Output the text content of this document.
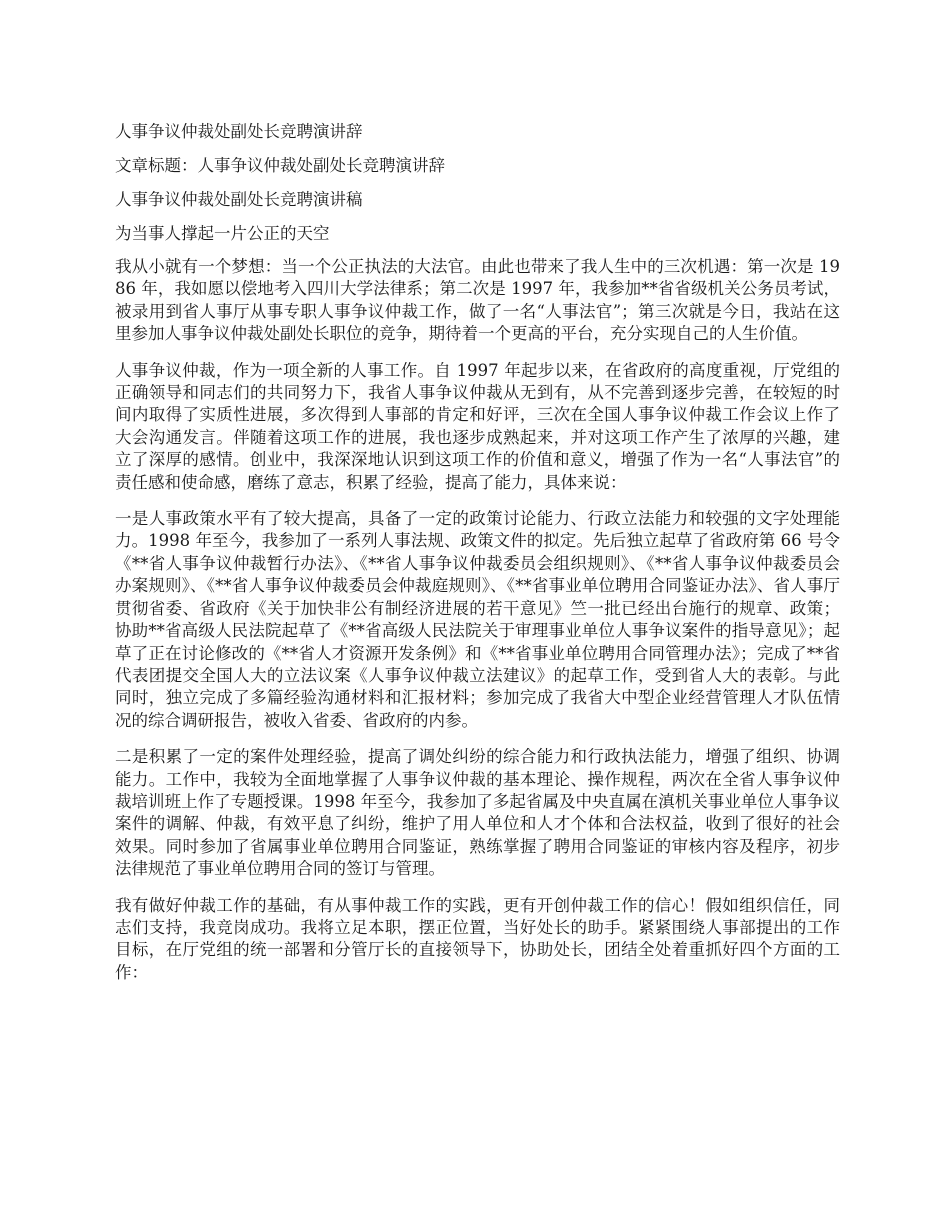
人事争议仲裁处副处长竞聘演讲辞
文章标题：人事争议仲裁处副处长竞聘演讲辞
人事争议仲裁处副处长竞聘演讲稿
为当事人撑起一片公正的天空

我从小就有一个梦想：当一个公正执法的大法官。由此也带来了我人生中的三次机遇：第一次是 1986 年，我如愿以偿地考入四川大学法律系；第二次是 1997 年，我参加**省省级机关公务员考试，被录用到省人事厅从事专职人事争议仲裁工作，做了一名“人事法官”；第三次就是今日，我站在这里参加人事争议仲裁处副处长职位的竞争，期待着一个更高的平台，充分实现自己的人生价值。

人事争议仲裁，作为一项全新的人事工作。自 1997 年起步以来，在省政府的高度重视，厅党组的正确领导和同志们的共同努力下，我省人事争议仲裁从无到有，从不完善到逐步完善，在较短的时间内取得了实质性进展，多次得到人事部的肯定和好评，三次在全国人事争议仲裁工作会议上作了大会沟通发言。伴随着这项工作的进展，我也逐步成熟起来，并对这项工作产生了浓厚的兴趣，建立了深厚的感情。创业中，我深深地认识到这项工作的价值和意义，增强了作为一名“人事法官”的责任感和使命感，磨练了意志，积累了经验，提高了能力，具体来说：

一是人事政策水平有了较大提高，具备了一定的政策讨论能力、行政立法能力和较强的文字处理能力。1998 年至今，我参加了一系列人事法规、政策文件的拟定。先后独立起草了省政府第 66 号令《**省人事争议仲裁暂行办法》、《**省人事争议仲裁委员会组织规则》、《**省人事争议仲裁委员会办案规则》、《**省人事争议仲裁委员会仲裁庭规则》、《**省事业单位聘用合同鉴证办法》、省人事厅贯彻省委、省政府《关于加快非公有制经济进展的若干意见》竺一批已经出台施行的规章、政策；协助**省高级人民法院起草了《**省高级人民法院关于审理事业单位人事争议案件的指导意见》；起草了正在讨论修改的《**省人才资源开发条例》和《**省事业单位聘用合同管理办法》；完成了**省代表团提交全国人大的立法议案《人事争议仲裁立法建议》的起草工作，受到省人大的表彰。与此同时，独立完成了多篇经验沟通材料和汇报材料；参加完成了我省大中型企业经营管理人才队伍情况的综合调研报告，被收入省委、省政府的内参。

二是积累了一定的案件处理经验，提高了调处纠纷的综合能力和行政执法能力，增强了组织、协调能力。工作中，我较为全面地掌握了人事争议仲裁的基本理论、操作规程，两次在全省人事争议仲裁培训班上作了专题授课。1998 年至今，我参加了多起省属及中央直属在滇机关事业单位人事争议案件的调解、仲裁，有效平息了纠纷，维护了用人单位和人才个体和合法权益，收到了很好的社会效果。同时参加了省属事业单位聘用合同鉴证，熟练掌握了聘用合同鉴证的审核内容及程序，初步法律规范了事业单位聘用合同的签订与管理。

我有做好仲裁工作的基础，有从事仲裁工作的实践，更有开创仲裁工作的信心！假如组织信任，同志们支持，我竞岗成功。我将立足本职，摆正位置，当好处长的助手。紧紧围绕人事部提出的工作目标，在厅党组的统一部署和分管厅长的直接领导下，协助处长，团结全处着重抓好四个方面的工作：
